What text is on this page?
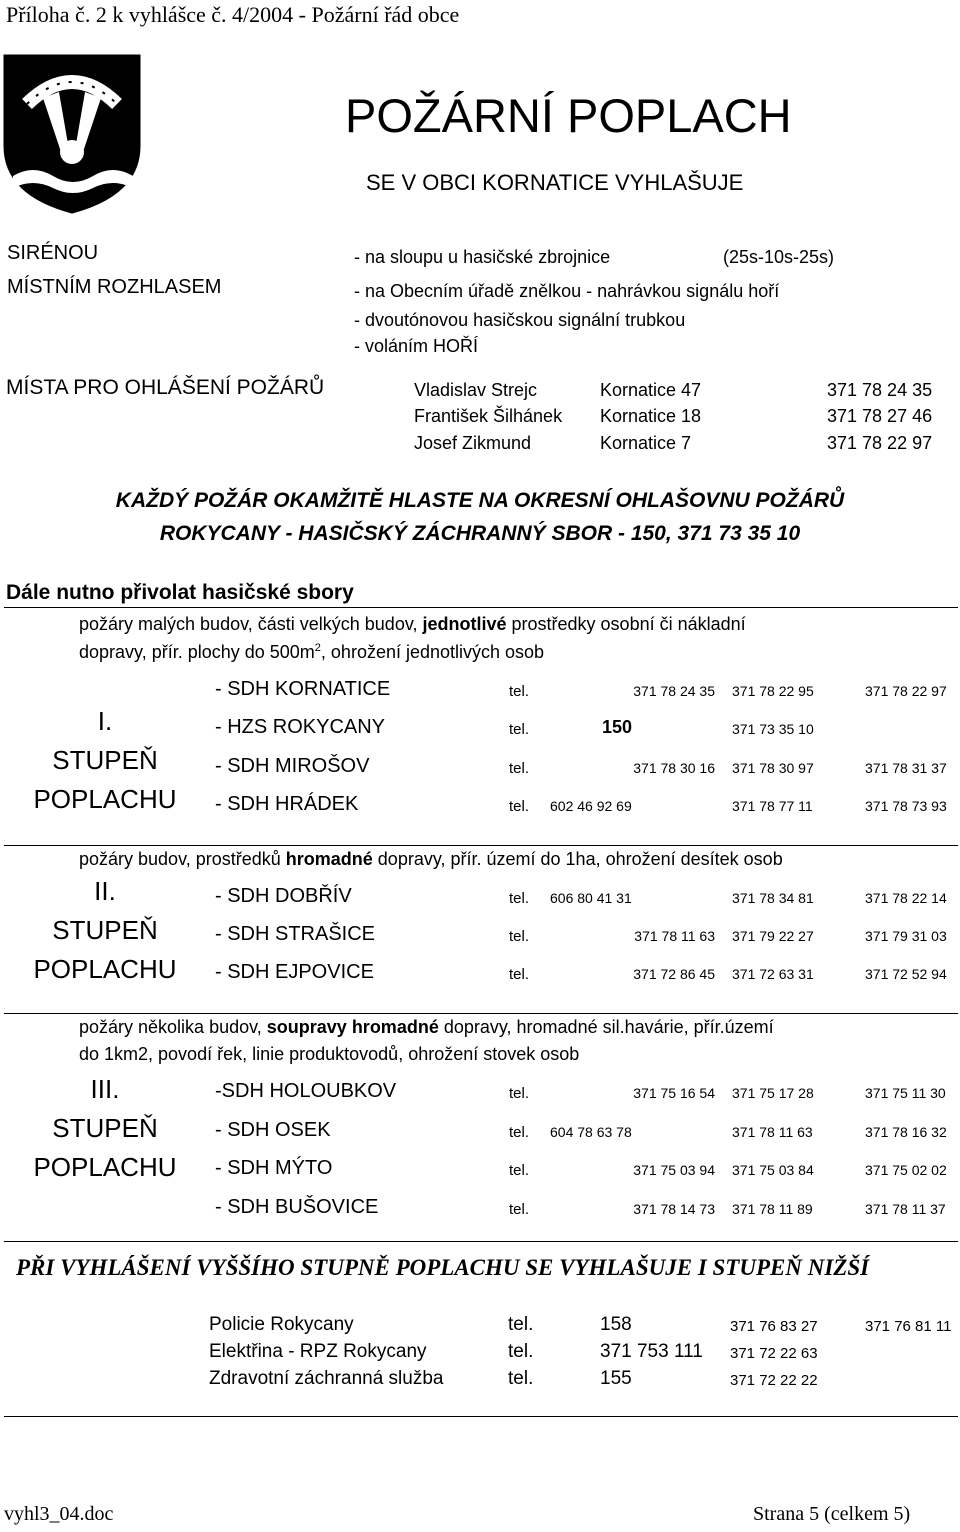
Příloha č. 2 k vyhlášce č. 4/2004 - Požární řád obce
POŽÁRNÍ POPLACH
SE V OBCI KORNATICE VYHLAŠUJE
SIRÉNOU
MÍSTNÍM ROZHLASEM
- na sloupu u hasičské zbrojnice	(25s-10s-25s)
- na Obecním úřadě znělkou - nahrávkou signálu hoří
- dvoutónovou hasičskou signální trubkou
- voláním HOŘÍ
MÍSTA PRO OHLÁŠENÍ POŽÁRŮ	Vladislav Strejc	Kornatice 47	371 78 24 35
František Šilhánek Kornatice 18	371 78 27 46
Josef Zikmund	Kornatice 7	371 78 22 97
KAŽDÝ POŽÁR OKAMŽITĚ HLASTE NA OKRESNÍ OHLAŠOVNU POŽÁRŮ
ROKYCANY - HASIČSKÝ ZÁCHRANNÝ SBOR - 150, 371 73 35 10
Dále nutno přivolat hasičské sbory
požáry malých budov, části velkých budov, jednotlivé prostředky osobní či nákladní
dopravy, přír. plochy do $500m^2$, ohrožení jednotlivých osob
I.
STUPEŇ
POPLACHU
- SDH KORNATICE	tel.	371 78 24 35 371 78 22 95	371 78 22 97
- HZS ROKYCANY	tel.	150	371 73 35 10
- SDH MIROŠOV	tel.	371 78 30 16 371 78 30 97	371 78 31 37
- SDH HRÁDEK	tel. 602 46 92 69	371 78 77 11	371 78 73 93
požáry budov, prostředků hromadné dopravy, přír. území do 1ha, ohrožení desítek osob
II.
STUPEŇ
POPLACHU
- SDH DOBŘÍV	tel. 606 80 41 31	371 78 34 81	371 78 22 14
- SDH STRAŠICE	tel.	371 78 11 63 371 79 22 27	371 79 31 03
- SDH EJPOVICE	tel.	371 72 86 45 371 72 63 31	371 72 52 94
požáry několika budov, soupravy hromadné dopravy, hromadné sil.havárie, přír.území
do 1km2, povodí řek, linie produktovodů, ohrožení stovek osob
III.
STUPEŇ
POPLACHU
-SDH HOLOUBKOV	tel.	371 75 16 54 371 75 17 28	371 75 11 30
- SDH OSEK	tel. 604 78 63 78	371 78 11 63	371 78 16 32
- SDH MÝTO	tel.	371 75 03 94 371 75 03 84	371 75 02 02
- SDH BUŠOVICE	tel.	371 78 14 73 371 78 11 89	371 78 11 37
PŘI VYHLÁŠENÍ VYŠŠÍHO STUPNĚ POPLACHU SE VYHLAŠUJE I STUPEŇ NIŽŠÍ
Policie Rokycany	tel.	158	371 76 83 27	371 76 81 11
Elektřina - RPZ Rokycany	tel.	371 753 111 371 72 22 63
Zdravotní záchranná služba	tel.	155	371 72 22 22
vyhl3_04.doc	Strana 5 (celkem 5)
